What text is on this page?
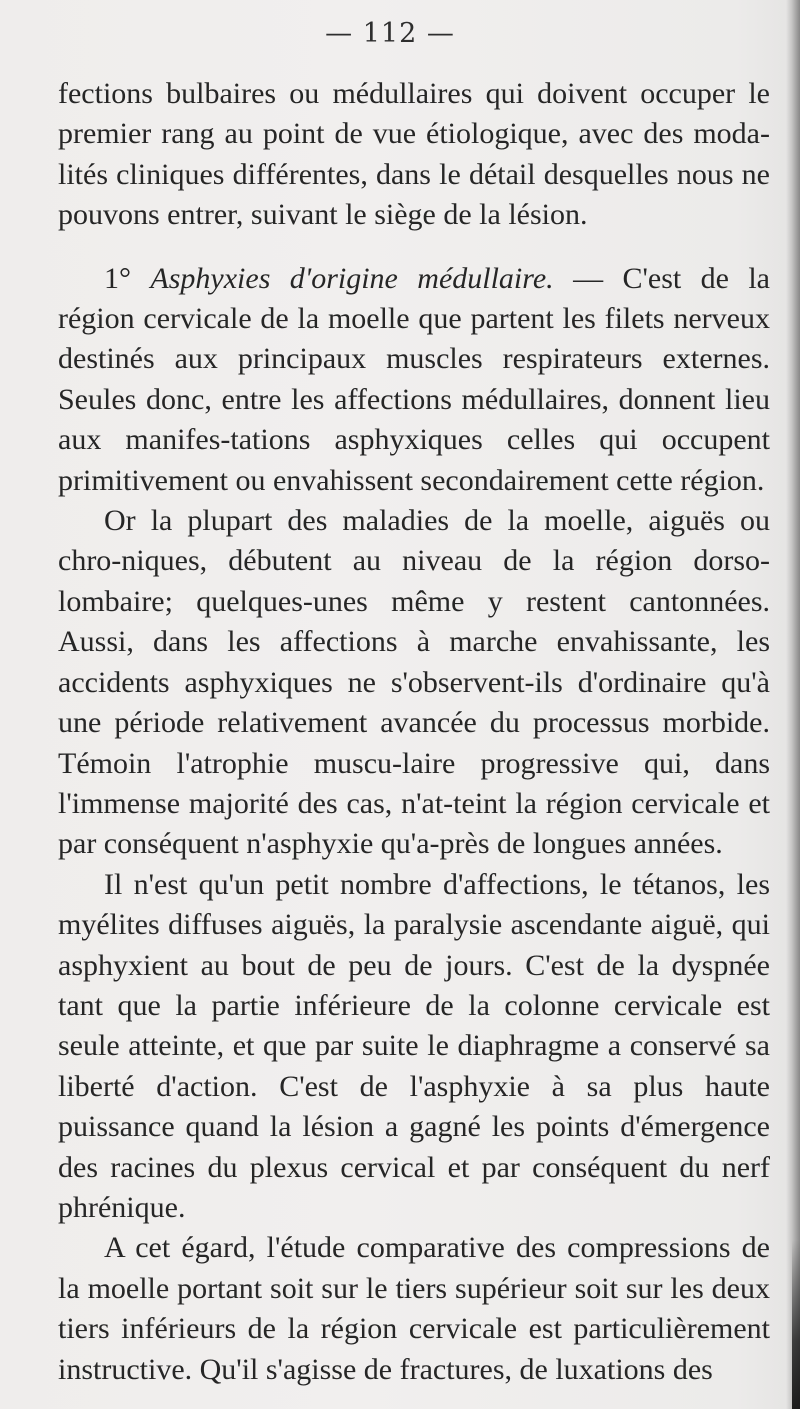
— 112 —

fections bulbaires ou médullaires qui doivent occuper le premier rang au point de vue étiologique, avec des moda-lités cliniques différentes, dans le détail desquelles nous ne pouvons entrer, suivant le siège de la lésion.

1° Asphyxies d'origine médullaire. — C'est de la région cervicale de la moelle que partent les filets nerveux destinés aux principaux muscles respirateurs externes. Seules donc, entre les affections médullaires, donnent lieu aux manifes-tations asphyxiques celles qui occupent primitivement ou envahissent secondairement cette région.

Or la plupart des maladies de la moelle, aiguës ou chro-niques, débutent au niveau de la région dorso-lombaire; quelques-unes même y restent cantonnées. Aussi, dans les affections à marche envahissante, les accidents asphyxiques ne s'observent-ils d'ordinaire qu'à une période relativement avancée du processus morbide. Témoin l'atrophie muscu-laire progressive qui, dans l'immense majorité des cas, n'at-teint la région cervicale et par conséquent n'asphyxie qu'a-près de longues années.

Il n'est qu'un petit nombre d'affections, le tétanos, les myélites diffuses aiguës, la paralysie ascendante aiguë, qui asphyxient au bout de peu de jours. C'est de la dyspnée tant que la partie inférieure de la colonne cervicale est seule atteinte, et que par suite le diaphragme a conservé sa liberté d'action. C'est de l'asphyxie à sa plus haute puissance quand la lésion a gagné les points d'émergence des racines du plexus cervical et par conséquent du nerf phrénique.

A cet égard, l'étude comparative des compressions de la moelle portant soit sur le tiers supérieur soit sur les deux tiers inférieurs de la région cervicale est particulièrement instructive. Qu'il s'agisse de fractures, de luxations des
